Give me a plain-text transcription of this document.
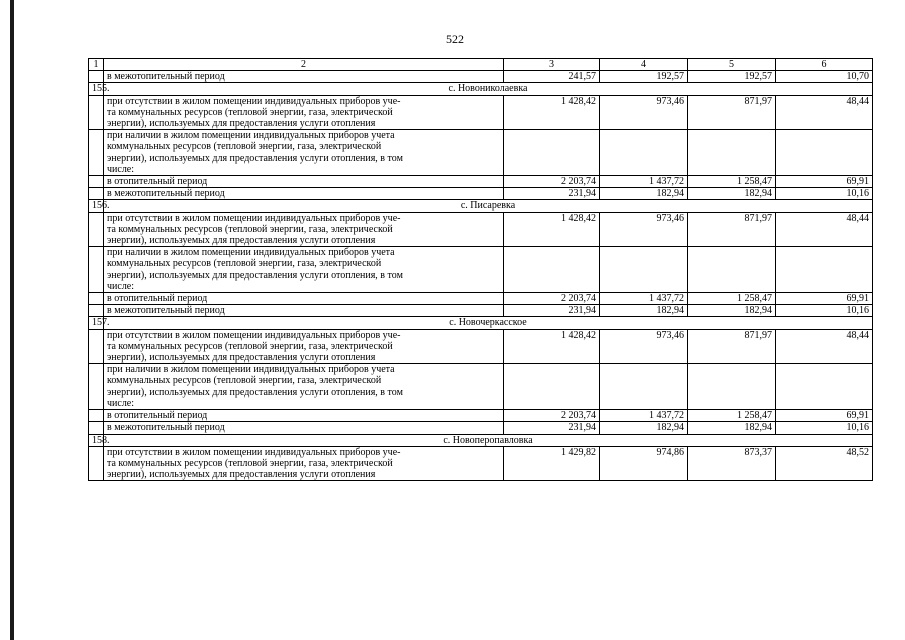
522
1	2	3	4	5	6
	в межотопительный период	241,57	192,57	192,57	10,70
155.	с. Новониколаевка				
	при отсутствии в жилом помещении индивидуальных приборов уче-
та коммунальных ресурсов (тепловой энергии, газа, электрической
энергии), используемых для предоставления услуги отопления	1 428,42	973,46	871,97	48,44
	при наличии в жилом помещении индивидуальных приборов учета
коммунальных ресурсов (тепловой энергии, газа, электрической
энергии), используемых для предоставления услуги отопления, в том
числе:				
	в отопительный период	2 203,74	1 437,72	1 258,47	69,91
	в межотопительный период	231,94	182,94	182,94	10,16
156.	с. Писаревка				
	при отсутствии в жилом помещении индивидуальных приборов уче-
та коммунальных ресурсов (тепловой энергии, газа, электрической
энергии), используемых для предоставления услуги отопления	1 428,42	973,46	871,97	48,44
	при наличии в жилом помещении индивидуальных приборов учета
коммунальных ресурсов (тепловой энергии, газа, электрической
энергии), используемых для предоставления услуги отопления, в том
числе:				
	в отопительный период	2 203,74	1 437,72	1 258,47	69,91
	в межотопительный период	231,94	182,94	182,94	10,16
157.	с. Новочеркасское				
	при отсутствии в жилом помещении индивидуальных приборов уче-
та коммунальных ресурсов (тепловой энергии, газа, электрической
энергии), используемых для предоставления услуги отопления	1 428,42	973,46	871,97	48,44
	при наличии в жилом помещении индивидуальных приборов учета
коммунальных ресурсов (тепловой энергии, газа, электрической
энергии), используемых для предоставления услуги отопления, в том
числе:				
	в отопительный период	2 203,74	1 437,72	1 258,47	69,91
	в межотопительный период	231,94	182,94	182,94	10,16
158.	с. Новоперопавловка				
	при отсутствии в жилом помещении индивидуальных приборов уче-
та коммунальных ресурсов (тепловой энергии, газа, электрической
энергии), используемых для предоставления услуги отопления	1 429,82	974,86	873,37	48,52
